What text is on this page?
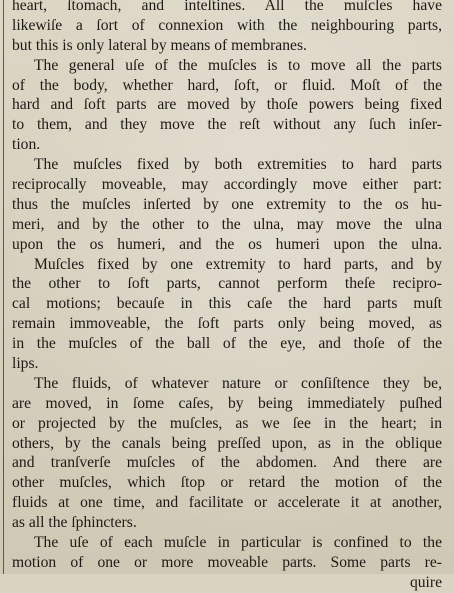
heart, ſtomach, and inteſtines. All the muſcles have
likewiſe a ſort of connexion with the neighbouring parts,
but this is only lateral by means of membranes.
The general uſe of the muſcles is to move all the parts
of the body, whether hard, ſoft, or fluid. Moſt of the
hard and ſoft parts are moved by thoſe powers being fixed
to them, and they move the reſt without any ſuch inſer-
tion.
The muſcles fixed by both extremities to hard parts
reciprocally moveable, may accordingly move either part:
thus the muſcles inſerted by one extremity to the os hu-
meri, and by the other to the ulna, may move the ulna
upon the os humeri, and the os humeri upon the ulna.
Muſcles fixed by one extremity to hard parts, and by
the other to ſoft parts, cannot perform theſe recipro-
cal motions; becauſe in this caſe the hard parts muſt
remain immoveable, the ſoft parts only being moved, as
in the muſcles of the ball of the eye, and thoſe of the
lips.
The fluids, of whatever nature or conſiſtence they be,
are moved, in ſome caſes, by being immediately puſhed
or projected by the muſcles, as we ſee in the heart; in
others, by the canals being preſſed upon, as in the oblique
and tranſverſe muſcles of the abdomen. And there are
other muſcles, which ſtop or retard the motion of the
fluids at one time, and facilitate or accelerate it at another,
as all the ſphincters.
The uſe of each muſcle in particular is confined to the
motion of one or more moveable parts. Some parts re-
quire
